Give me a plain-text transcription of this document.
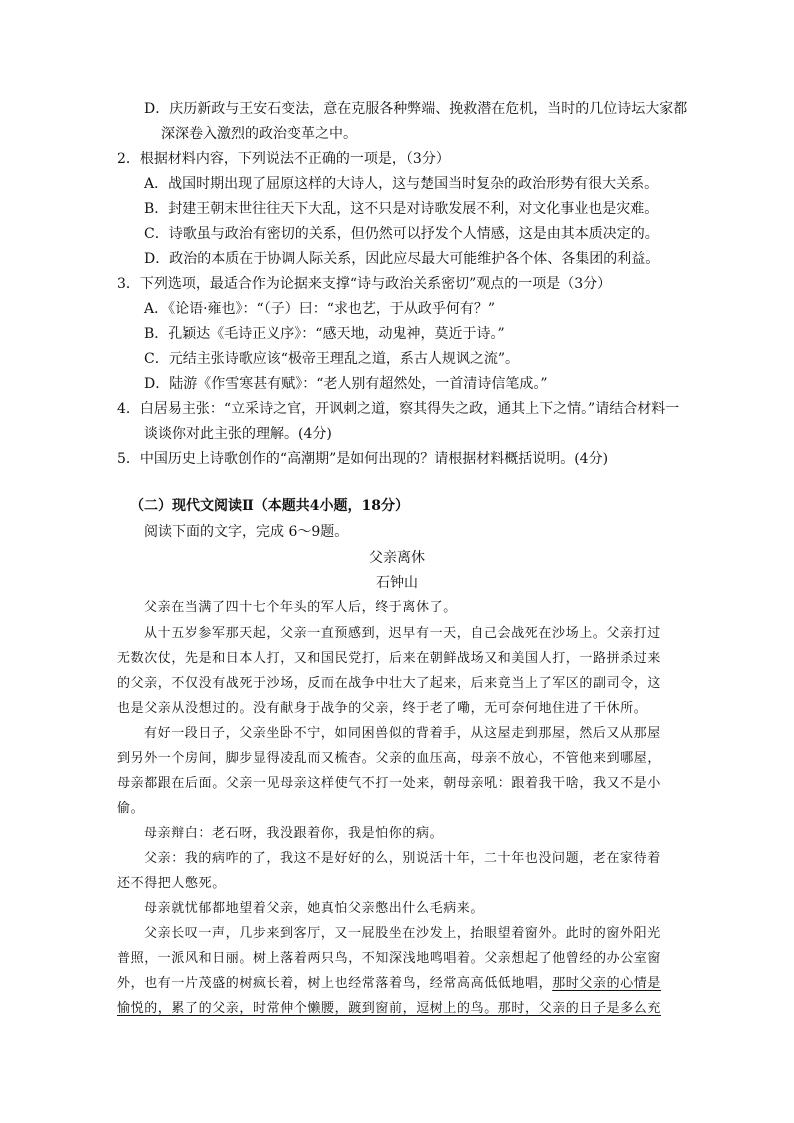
D．庆历新政与王安石变法，意在克服各种弊端、挽救潜在危机，当时的几位诗坛大家都
深深卷入激烈的政治变革之中。
2．根据材料内容，下列说法不正确的一项是，（3分）
A．战国时期出现了屈原这样的大诗人，这与楚国当时复杂的政治形势有很大关系。
B．封建王朝末世往往天下大乱，这不只是对诗歌发展不利，对文化事业也是灾难。
C．诗歌虽与政治有密切的关系，但仍然可以抒发个人情感，这是由其本质决定的。
D．政治的本质在于协调人际关系，因此应尽最大可能维护各个体、各集团的利益。
3．下列选项，最适合作为论据来支撑“诗与政治关系密切”观点的一项是（3分）
A．《论语·雍也》：“（子）曰：“求也艺，于从政乎何有？”
B．孔颖达《毛诗正义序》：“感天地，动鬼神，莫近于诗。”
C．元结主张诗歌应该“极帝王理乱之道，系古人规讽之流”。
D．陆游《作雪寒甚有赋》：“老人别有超然处，一首清诗信笔成。”
4．白居易主张：“立采诗之官，开讽刺之道，察其得失之政，通其上下之情。”请结合材料一
谈谈你对此主张的理解。(4分)
5．中国历史上诗歌创作的“高潮期”是如何出现的？请根据材料概括说明。(4分)
（二）现代文阅读Ⅱ（本题共4小题，18分）
阅读下面的文字，完成 6～9题。
父亲离休
石钟山
父亲在当满了四十七个年头的军人后，终于离休了。
从十五岁参军那天起，父亲一直预感到，迟早有一天，自己会战死在沙场上。父亲打过
无数次仗，先是和日本人打，又和国民党打，后来在朝鲜战场又和美国人打，一路拼杀过来
的父亲，不仅没有战死于沙场，反而在战争中壮大了起来，后来竟当上了军区的副司令，这
也是父亲从没想过的。没有献身于战争的父亲，终于老了嘞，无可奈何地住进了干休所。
有好一段日子，父亲坐卧不宁，如同困兽似的背着手，从这屋走到那屋，然后又从那屋
到另外一个房间，脚步显得凌乱而又梳杳。父亲的血压高，母亲不放心，不管他来到哪屋，
母亲都跟在后面。父亲一见母亲这样使气不打一处来，朝母亲吼：跟着我干啥，我又不是小
偷。
母亲辩白：老石呀，我没跟着你，我是怕你的病。
父亲：我的病咋的了，我这不是好好的么，别说活十年，二十年也没问题，老在家待着
还不得把人憋死。
母亲就忧郁都地望着父亲，她真怕父亲憋出什么毛病来。
父亲长叹一声，几步来到客厅，又一屁股坐在沙发上，抬眼望着窗外。此时的窗外阳光
普照，一派风和日丽。树上落着两只鸟，不知深浅地鸣唱着。父亲想起了他曾经的办公室窗
外，也有一片茂盛的树疯长着，树上也经常落着鸟，经常高高低低地唱，那时父亲的心情是
愉悦的，累了的父亲，时常伸个懒腰，踱到窗前，逗树上的鸟。那时，父亲的日子是多么充
